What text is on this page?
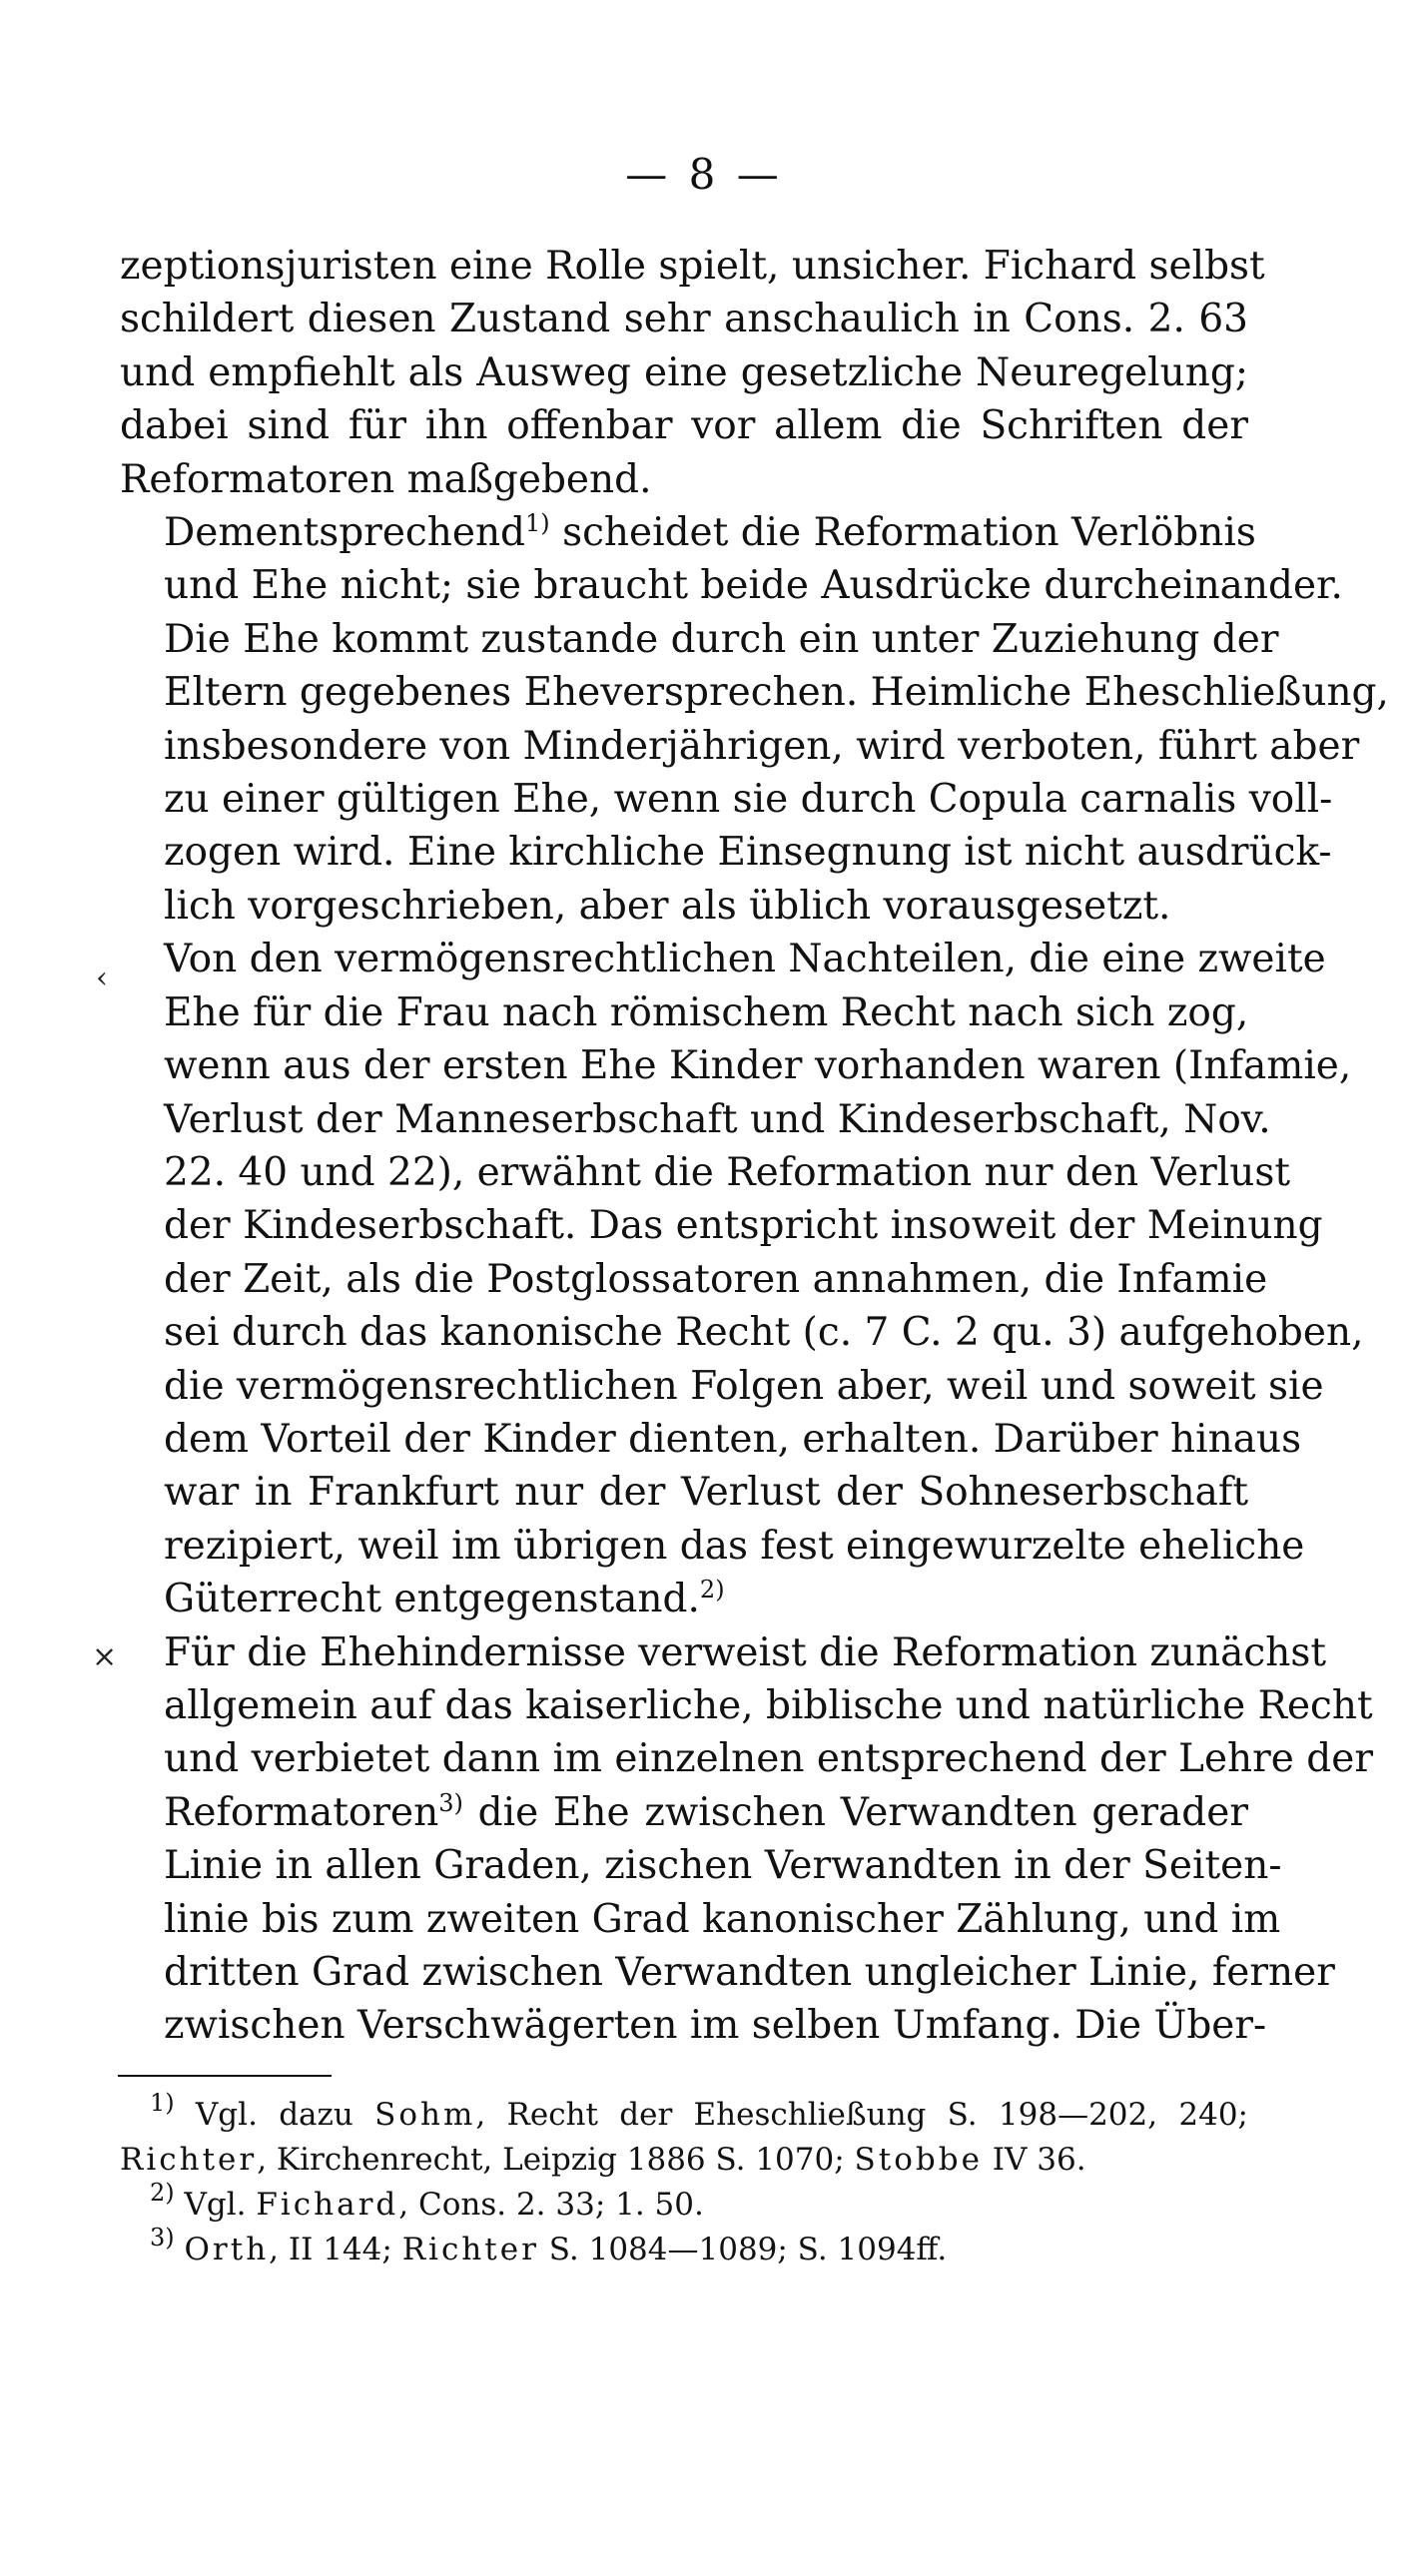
— 8 —

zeptionsjuristen eine Rolle spielt, unsicher. Fichard selbst
schildert diesen Zustand sehr anschaulich in Cons. 2. 63
und empfiehlt als Ausweg eine gesetzliche Neuregelung;
dabei sind für ihn offenbar vor allem die Schriften der
Reformatoren maßgebend.

Dementsprechend$^{1)}$ scheidet die Reformation Verlöbnis
und Ehe nicht; sie braucht beide Ausdrücke durcheinander.
Die Ehe kommt zustande durch ein unter Zuziehung der
Eltern gegebenes Eheversprechen. Heimliche Eheschließung,
insbesondere von Minderjährigen, wird verboten, führt aber
zu einer gültigen Ehe, wenn sie durch Copula carnalis voll-
zogen wird. Eine kirchliche Einsegnung ist nicht ausdrück-
lich vorgeschrieben, aber als üblich vorausgesetzt.

Von den vermögensrechtlichen Nachteilen, die eine zweite
Ehe für die Frau nach römischem Recht nach sich zog,
wenn aus der ersten Ehe Kinder vorhanden waren (Infamie,
Verlust der Manneserbschaft und Kindeserbschaft, Nov.
22. 40 und 22), erwähnt die Reformation nur den Verlust
der Kindeserbschaft. Das entspricht insoweit der Meinung
der Zeit, als die Postglossatoren annahmen, die Infamie
sei durch das kanonische Recht (c. 7 C. 2 qu. 3) aufgehoben,
die vermögensrechtlichen Folgen aber, weil und soweit sie
dem Vorteil der Kinder dienten, erhalten. Darüber hinaus
war in Frankfurt nur der Verlust der Sohneserbschaft
rezipiert, weil im übrigen das fest eingewurzelte eheliche
Güterrecht entgegenstand.$^{2)}$

Für die Ehehindernisse verweist die Reformation zunächst
allgemein auf das kaiserliche, biblische und natürliche Recht
und verbietet dann im einzelnen entsprechend der Lehre der
Reformatoren$^{3)}$ die Ehe zwischen Verwandten gerader
Linie in allen Graden, zischen Verwandten in der Seiten-
linie bis zum zweiten Grad kanonischer Zählung, und im
dritten Grad zwischen Verwandten ungleicher Linie, ferner
zwischen Verschwägerten im selben Umfang. Die Über-

‹
×
$^{1)}$ Vgl. dazu Sohm, Recht der Eheschließung S. 198—202, 240;
Richter, Kirchenrecht, Leipzig 1886 S. 1070; Stobbe IV 36.
$^{2)}$ Vgl. Fichard, Cons. 2. 33; 1. 50.
$^{3)}$ Orth, II 144; Richter S. 1084—1089; S. 1094ff.
